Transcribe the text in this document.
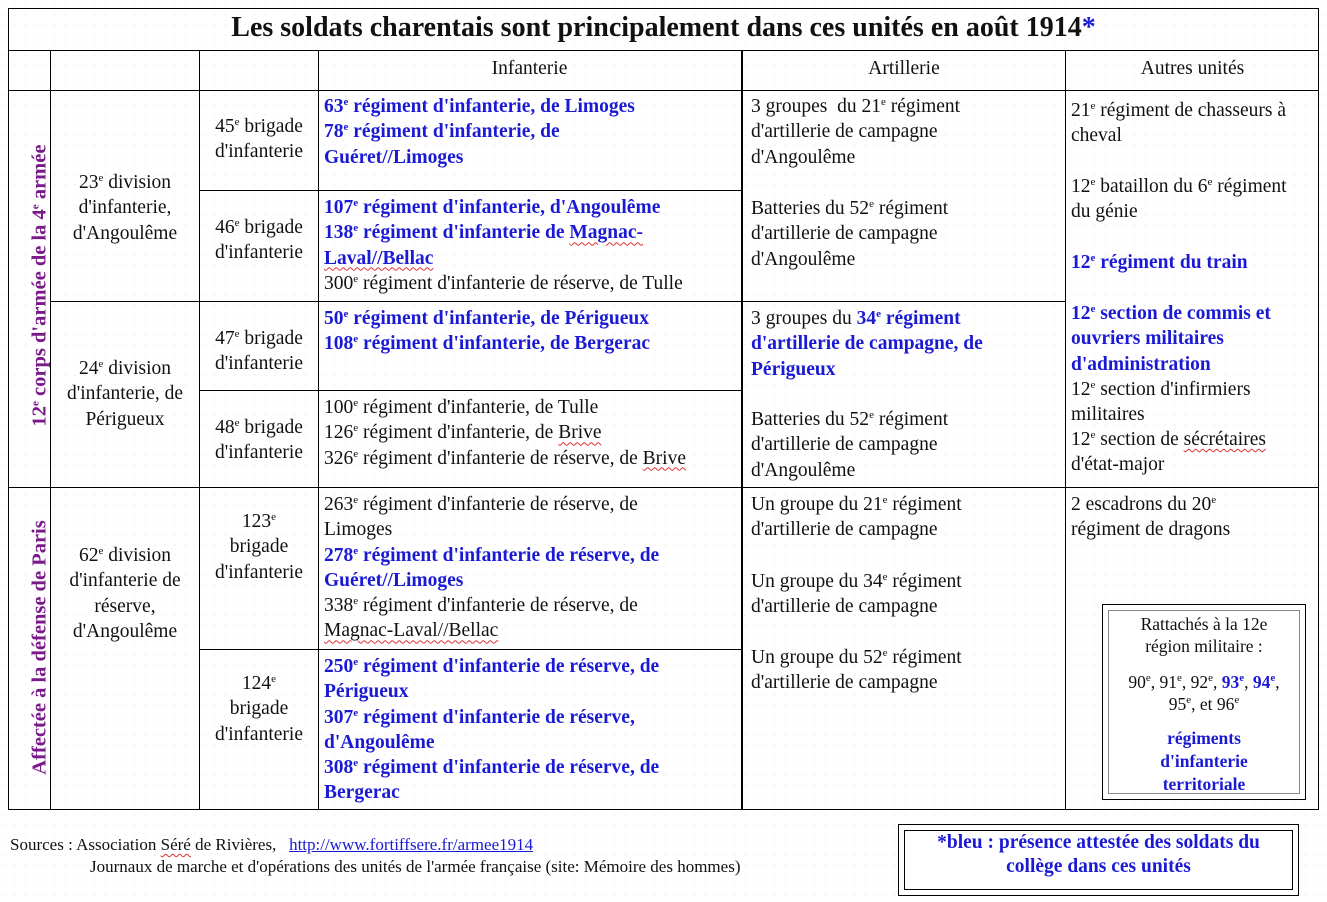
Les soldats charentais sont principalement dans ces unités en août 1914*
Infanterie	Artillerie	Autres unités
12e corps d'armée de la 4e armée
Affectée à la défense de Paris
23e division
d'infanterie,
d'Angoulême
24e division
d'infanterie, de
Périgueux
62e division
d'infanterie de
réserve,
d'Angoulême
45e brigade
d'infanterie
46e brigade
d'infanterie
47e brigade
d'infanterie
48e brigade
d'infanterie
123e
brigade
d'infanterie
124e
brigade
d'infanterie
63e régiment d'infanterie, de Limoges
78e régiment d'infanterie, de
Guéret//Limoges
107e régiment d'infanterie, d'Angoulême
138e régiment d'infanterie de Magnac-
Laval//Bellac
300e régiment d'infanterie de réserve, de Tulle
50e régiment d'infanterie, de Périgueux
108e régiment d'infanterie, de Bergerac
100e régiment d'infanterie, de Tulle
126e régiment d'infanterie, de Brive
326e régiment d'infanterie de réserve, de Brive
263e régiment d'infanterie de réserve, de
Limoges
278e régiment d'infanterie de réserve, de
Guéret//Limoges
338e régiment d'infanterie de réserve, de
Magnac-Laval//Bellac
250e régiment d'infanterie de réserve, de
Périgueux
307e régiment d'infanterie de réserve,
d'Angoulême
308e régiment d'infanterie de réserve, de
Bergerac
3 groupes  du 21e régiment
d'artillerie de campagne
d'Angoulême
Batteries du 52e régiment
d'artillerie de campagne
d'Angoulême
3 groupes du 34e régiment
d'artillerie de campagne, de
Périgueux
Batteries du 52e régiment
d'artillerie de campagne
d'Angoulême
Un groupe du 21e régiment
d'artillerie de campagne
Un groupe du 34e régiment
d'artillerie de campagne
Un groupe du 52e régiment
d'artillerie de campagne
21e régiment de chasseurs à
cheval
12e bataillon du 6e régiment
du génie
12e régiment du train
12e section de commis et
ouvriers militaires
d'administration
12e section d'infirmiers
militaires
12e section de sécrétaires
d'état-major
2 escadrons du 20e
régiment de dragons
Rattachés à la 12e
région militaire :
90e, 91e, 92e, 93e, 94e,
95e, et 96e
régiments
d'infanterie
territoriale
Sources : Association Séré de Rivières,   http://www.fortiffsere.fr/armee1914
Journaux de marche et d'opérations des unités de l'armée française (site: Mémoire des hommes)
*bleu : présence attestée des soldats du
collège dans ces unités
